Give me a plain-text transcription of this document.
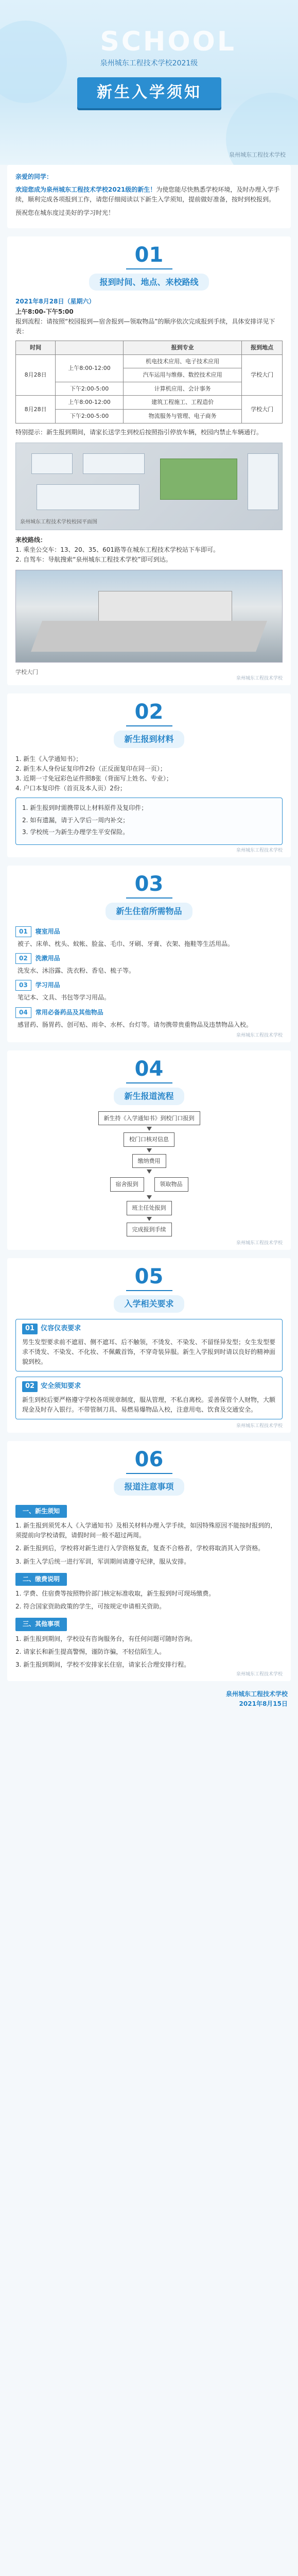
SCHOOL
泉州城东工程技术学校2021级
新生入学须知
泉州城东工程技术学校

亲爱的同学：

欢迎您成为泉州城东工程技术学校2021级的新生！为使您能尽快熟悉学校环境，及时办理入学手续，顺利完成各项报到工作，请您仔细阅读以下新生入学须知，提前做好准备，按时到校报到。

预祝您在城东度过美好的学习时光！

01
报到时间、地点、来校路线

2021年8月28日（星期六）

上午8:00-下午5:00

报到流程：请按照“校园报到—宿舍报到—领取物品”的顺序依次完成报到手续，具体安排详见下表：

时间		报到专业	报到地点
8月28日	上午8:00-12:00	机电技术应用、电子技术应用	学校大门
		汽车运用与维修、数控技术应用	
	下午2:00-5:00	计算机应用、会计事务	
8月28日	上午8:00-12:00	建筑工程施工、工程造价	学校大门
	下午2:00-5:00	物流服务与管理、电子商务	

特别提示：新生报到期间，请家长送学生到校后按照指引停放车辆，校园内禁止车辆通行。

泉州城东工程技术学校校园平面图

来校路线：

1. 乘坐公交车：13、20、35、601路等在城东工程技术学校站下车即可。

2. 自驾车：导航搜索“泉州城东工程技术学校”即可到达。

学校大门

泉州城东工程技术学校
02
新生报到材料

1. 新生《入学通知书》；

2. 新生本人身份证复印件2份（正反面复印在同一页）；

3. 近期一寸免冠彩色证件照8张（背面写上姓名、专业）；

4. 户口本复印件（首页及本人页）2份；

1. 新生报到时需携带以上材料原件及复印件；

2. 如有遗漏，请于入学后一周内补交；

3. 学校统一为新生办理学生平安保险。

泉州城东工程技术学校
03
新生住宿所需物品
01 寝室用品
被子、床单、枕头、蚊帐、脸盆、毛巾、牙刷、牙膏、衣架、拖鞋等生活用品。
02 洗漱用品
洗发水、沐浴露、洗衣粉、香皂、梳子等。
03 学习用品
笔记本、文具、书包等学习用品。
04 常用必备药品及其他物品
感冒药、肠胃药、创可贴、雨伞、水杯、台灯等。请勿携带贵重物品及违禁物品入校。
泉州城东工程技术学校
04
新生报道流程
新生持《入学通知书》到校门口报到
校门口核对信息
缴纳费用
宿舍报到	领取物品
班主任处报到
完成报到手续
泉州城东工程技术学校
05
入学相关要求
01 仪容仪表要求

男生发型要求前不遮眉、侧不遮耳、后不触领，不烫发、不染发、不留怪异发型；女生发型要求不烫发、不染发、不化妆、不佩戴首饰，不穿奇装异服。新生入学报到时请以良好的精神面貌到校。

02 安全须知要求

新生到校后要严格遵守学校各项规章制度，服从管理，不私自离校。妥善保管个人财物，大额现金及时存入银行。不带管制刀具、易燃易爆物品入校，注意用电、饮食及交通安全。

泉州城东工程技术学校
06
报道注意事项
一、新生须知

1. 新生报到须凭本人《入学通知书》及相关材料办理入学手续，如因特殊原因不能按时报到的，须提前向学校请假，请假时间一般不超过两周。

2. 新生报到后，学校将对新生进行入学资格复查，复查不合格者，学校将取消其入学资格。

3. 新生入学后统一进行军训，军训期间请遵守纪律，服从安排。

二、缴费说明

1. 学费、住宿费等按照物价部门核定标准收取，新生报到时可现场缴费。

2. 符合国家资助政策的学生，可按规定申请相关资助。

三、其他事项

1. 新生报到期间，学校设有咨询服务台，有任何问题可随时咨询。

2. 请家长和新生提高警惕，谨防诈骗，不轻信陌生人。

3. 新生报到期间，学校不安排家长住宿，请家长合理安排行程。

泉州城东工程技术学校
泉州城东工程技术学校
2021年8月15日
